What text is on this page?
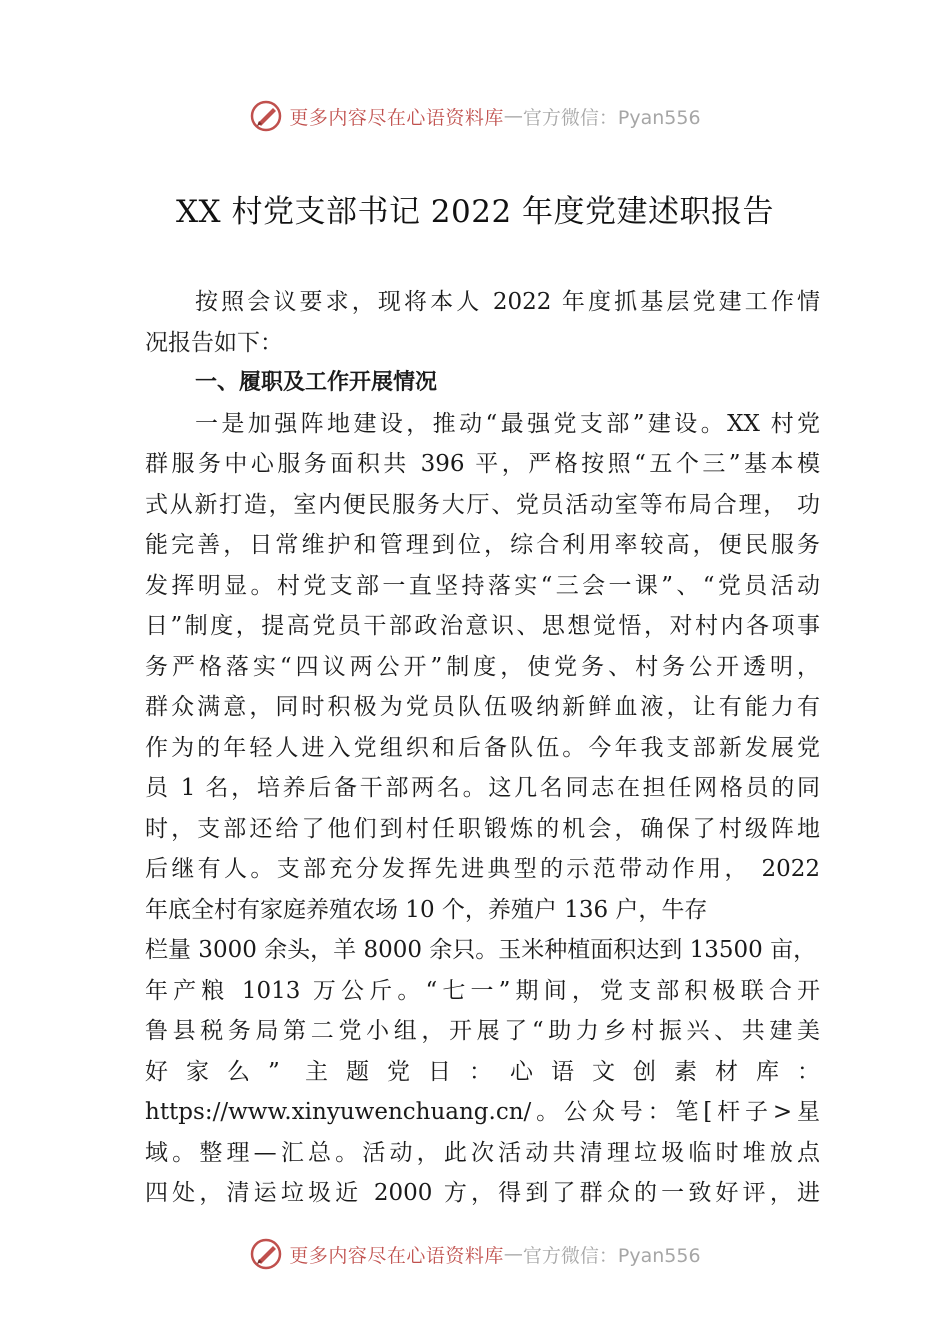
更多内容尽在心语资料库 — 官方微信：Pyan556
XX 村党支部书记 2022 年度党建述职报告
按照会议要求，现将本人 2022 年度抓基层党建工作情
况报告如下：
一、履职及工作开展情况
一是加强阵地建设，推动“最强党支部”建设。XX 村党
群服务中心服务面积共 396 平，严格按照“五个三”基本模
式从新打造，室内便民服务大厅、党员活动室等布局合理， 功
能完善，日常维护和管理到位，综合利用率较高，便民服务
发挥明显。村党支部一直坚持落实“三会一课”、“党员活动
日”制度，提高党员干部政治意识、思想觉悟，对村内各项事
务严格落实“四议两公开”制度，使党务、村务公开透明，
群众满意，同时积极为党员队伍吸纳新鲜血液，让有能力有
作为的年轻人进入党组织和后备队伍。今年我支部新发展党
员 1 名，培养后备干部两名。这几名同志在担任网格员的同
时，支部还给了他们到村任职锻炼的机会，确保了村级阵地
后继有人。支部充分发挥先进典型的示范带动作用， 2022
年底全村有家庭养殖农场 10 个，养殖户 136 户，牛存
栏量 3000 余头，羊 8000 余只。玉米种植面积达到 13500 亩，
年产粮 1013 万公斤。“七一”期间，党支部积极联合开
鲁县税务局第二党小组，开展了“助力乡村振兴、共建美
好家么” 主题党日：心语文创素材库：
https://www.xinyuwenchuang.cn/。公众号：笔[杆子>星
域。整理—汇总。活动，此次活动共清理垃圾临时堆放点
四处，清运垃圾近 2000 方，得到了群众的一致好评，进
更多内容尽在心语资料库 — 官方微信：Pyan556
